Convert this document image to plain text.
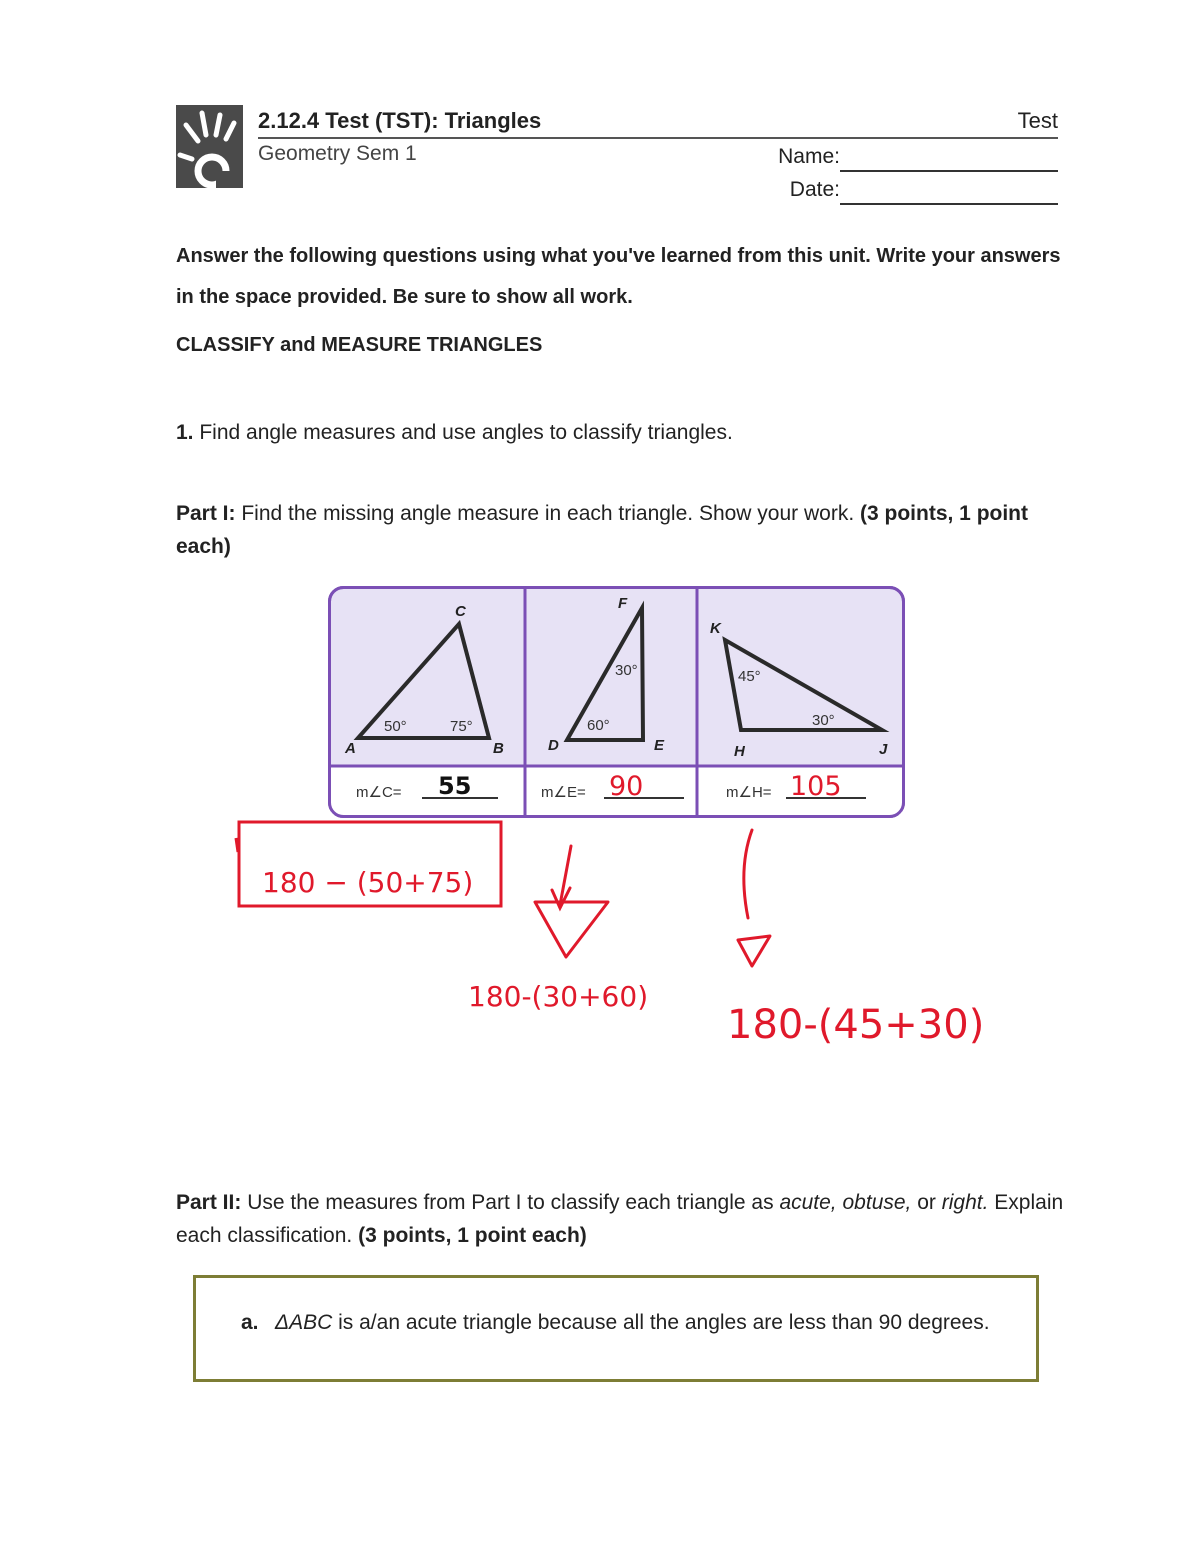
2.12.4 Test (TST): Triangles	Test
Geometry Sem 1	Name:
Date:
Answer the following questions using what you've learned from this unit. Write your answers in the space provided. Be sure to show all work.
CLASSIFY and MEASURE TRIANGLES
1. Find angle measures and use angles to classify triangles.
Part I: Find the missing angle measure in each triangle. Show your work. (3 points, 1 point each)
A	B
C
50°	75°
D	E
F
30°
60°
K
H	J
45°
30°
m∠C= 55	m∠E= 90	m∠H= 105
180 − (50+75)
180-(30+60)
180-(45+30)
Part II: Use the measures from Part I to classify each triangle as acute, obtuse, or right. Explain each classification. (3 points, 1 point each)
a. ΔABC is a/an acute triangle because all the angles are less than 90 degrees.
